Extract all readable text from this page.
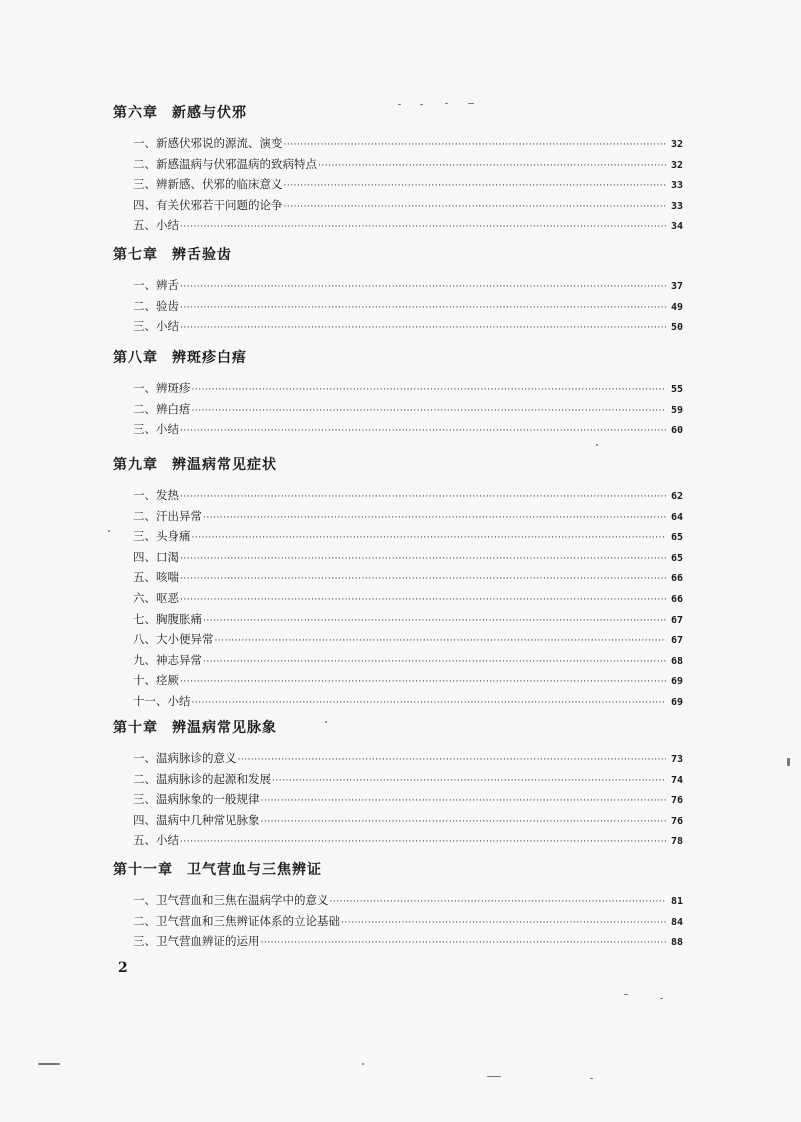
第六章 新感与伏邪
一、新感伏邪说的源流、演变 ·····	32
二、新感温病与伏邪温病的致病特点 ·····	32
三、辨新感、伏邪的临床意义 ·····	33
四、有关伏邪若干问题的论争 ·····	33
五、小结 ·····	34
第七章 辨舌验齿
一、辨舌 ·····	37
二、验齿 ·····	49
三、小结 ·····	50
第八章 辨斑疹白痦
一、辨斑疹 ·····	55
二、辨白痦 ·····	59
三、小结 ·····	60
第九章 辨温病常见症状
一、发热 ·····	62
二、汗出异常 ·····	64
三、头身痛 ·····	65
四、口渴 ·····	65
五、咳喘 ·····	66
六、呕恶 ·····	66
七、胸腹胀痛 ·····	67
八、大小便异常 ·····	67
九、神志异常 ·····	68
十、痉厥 ·····	69
十一、小结 ·····	69
第十章 辨温病常见脉象
一、温病脉诊的意义 ·····	73
二、温病脉诊的起源和发展 ·····	74
三、温病脉象的一般规律 ·····	76
四、温病中几种常见脉象 ·····	76
五、小结 ·····	78
第十一章 卫气营血与三焦辨证
一、卫气营血和三焦在温病学中的意义 ·····	81
二、卫气营血和三焦辨证体系的立论基础 ·····	84
三、卫气营血辨证的运用 ·····	88
2
